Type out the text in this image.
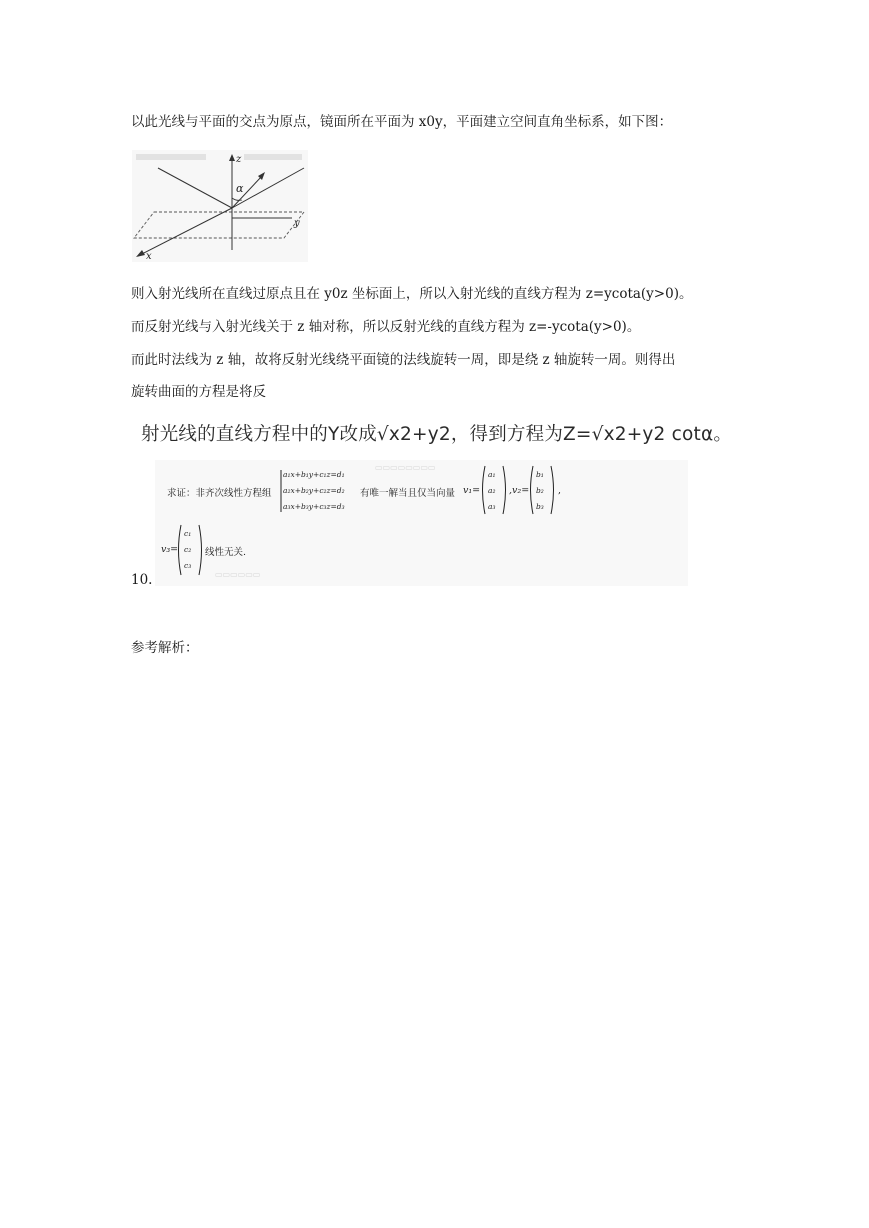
以此光线与平面的交点为原点，镜面所在平面为 x0y，平面建立空间直角坐标系，如下图：
α
z
y
x
则入射光线所在直线过原点且在 y0z 坐标面上，所以入射光线的直线方程为 z=ycota(y>0)。
而反射光线与入射光线关于 z 轴对称，所以反射光线的直线方程为 z=-ycota(y>0)。
而此时法线为 z 轴，故将反射光线绕平面镜的法线旋转一周，即是绕 z 轴旋转一周。则得出
旋转曲面的方程是将反
射光线的直线方程中的Y改成√x2+y2，得到方程为Z=√x2+y2 cotα。
▭▭▭▭▭▭▭▭
▭▭▭▭▭▭
求证：非齐次线性方程组
a₁x+b₁y+c₁z=d₁
a₂x+b₂y+c₂z=d₂
a₃x+b₃y+c₃z=d₃
有唯一解当且仅当向量 v₁=
a₁
a₂
a₃
,v₂=
b₁
b₂
b₃
,
v₃=
c₁
c₂
c₃
线性无关.
10.
参考解析：
